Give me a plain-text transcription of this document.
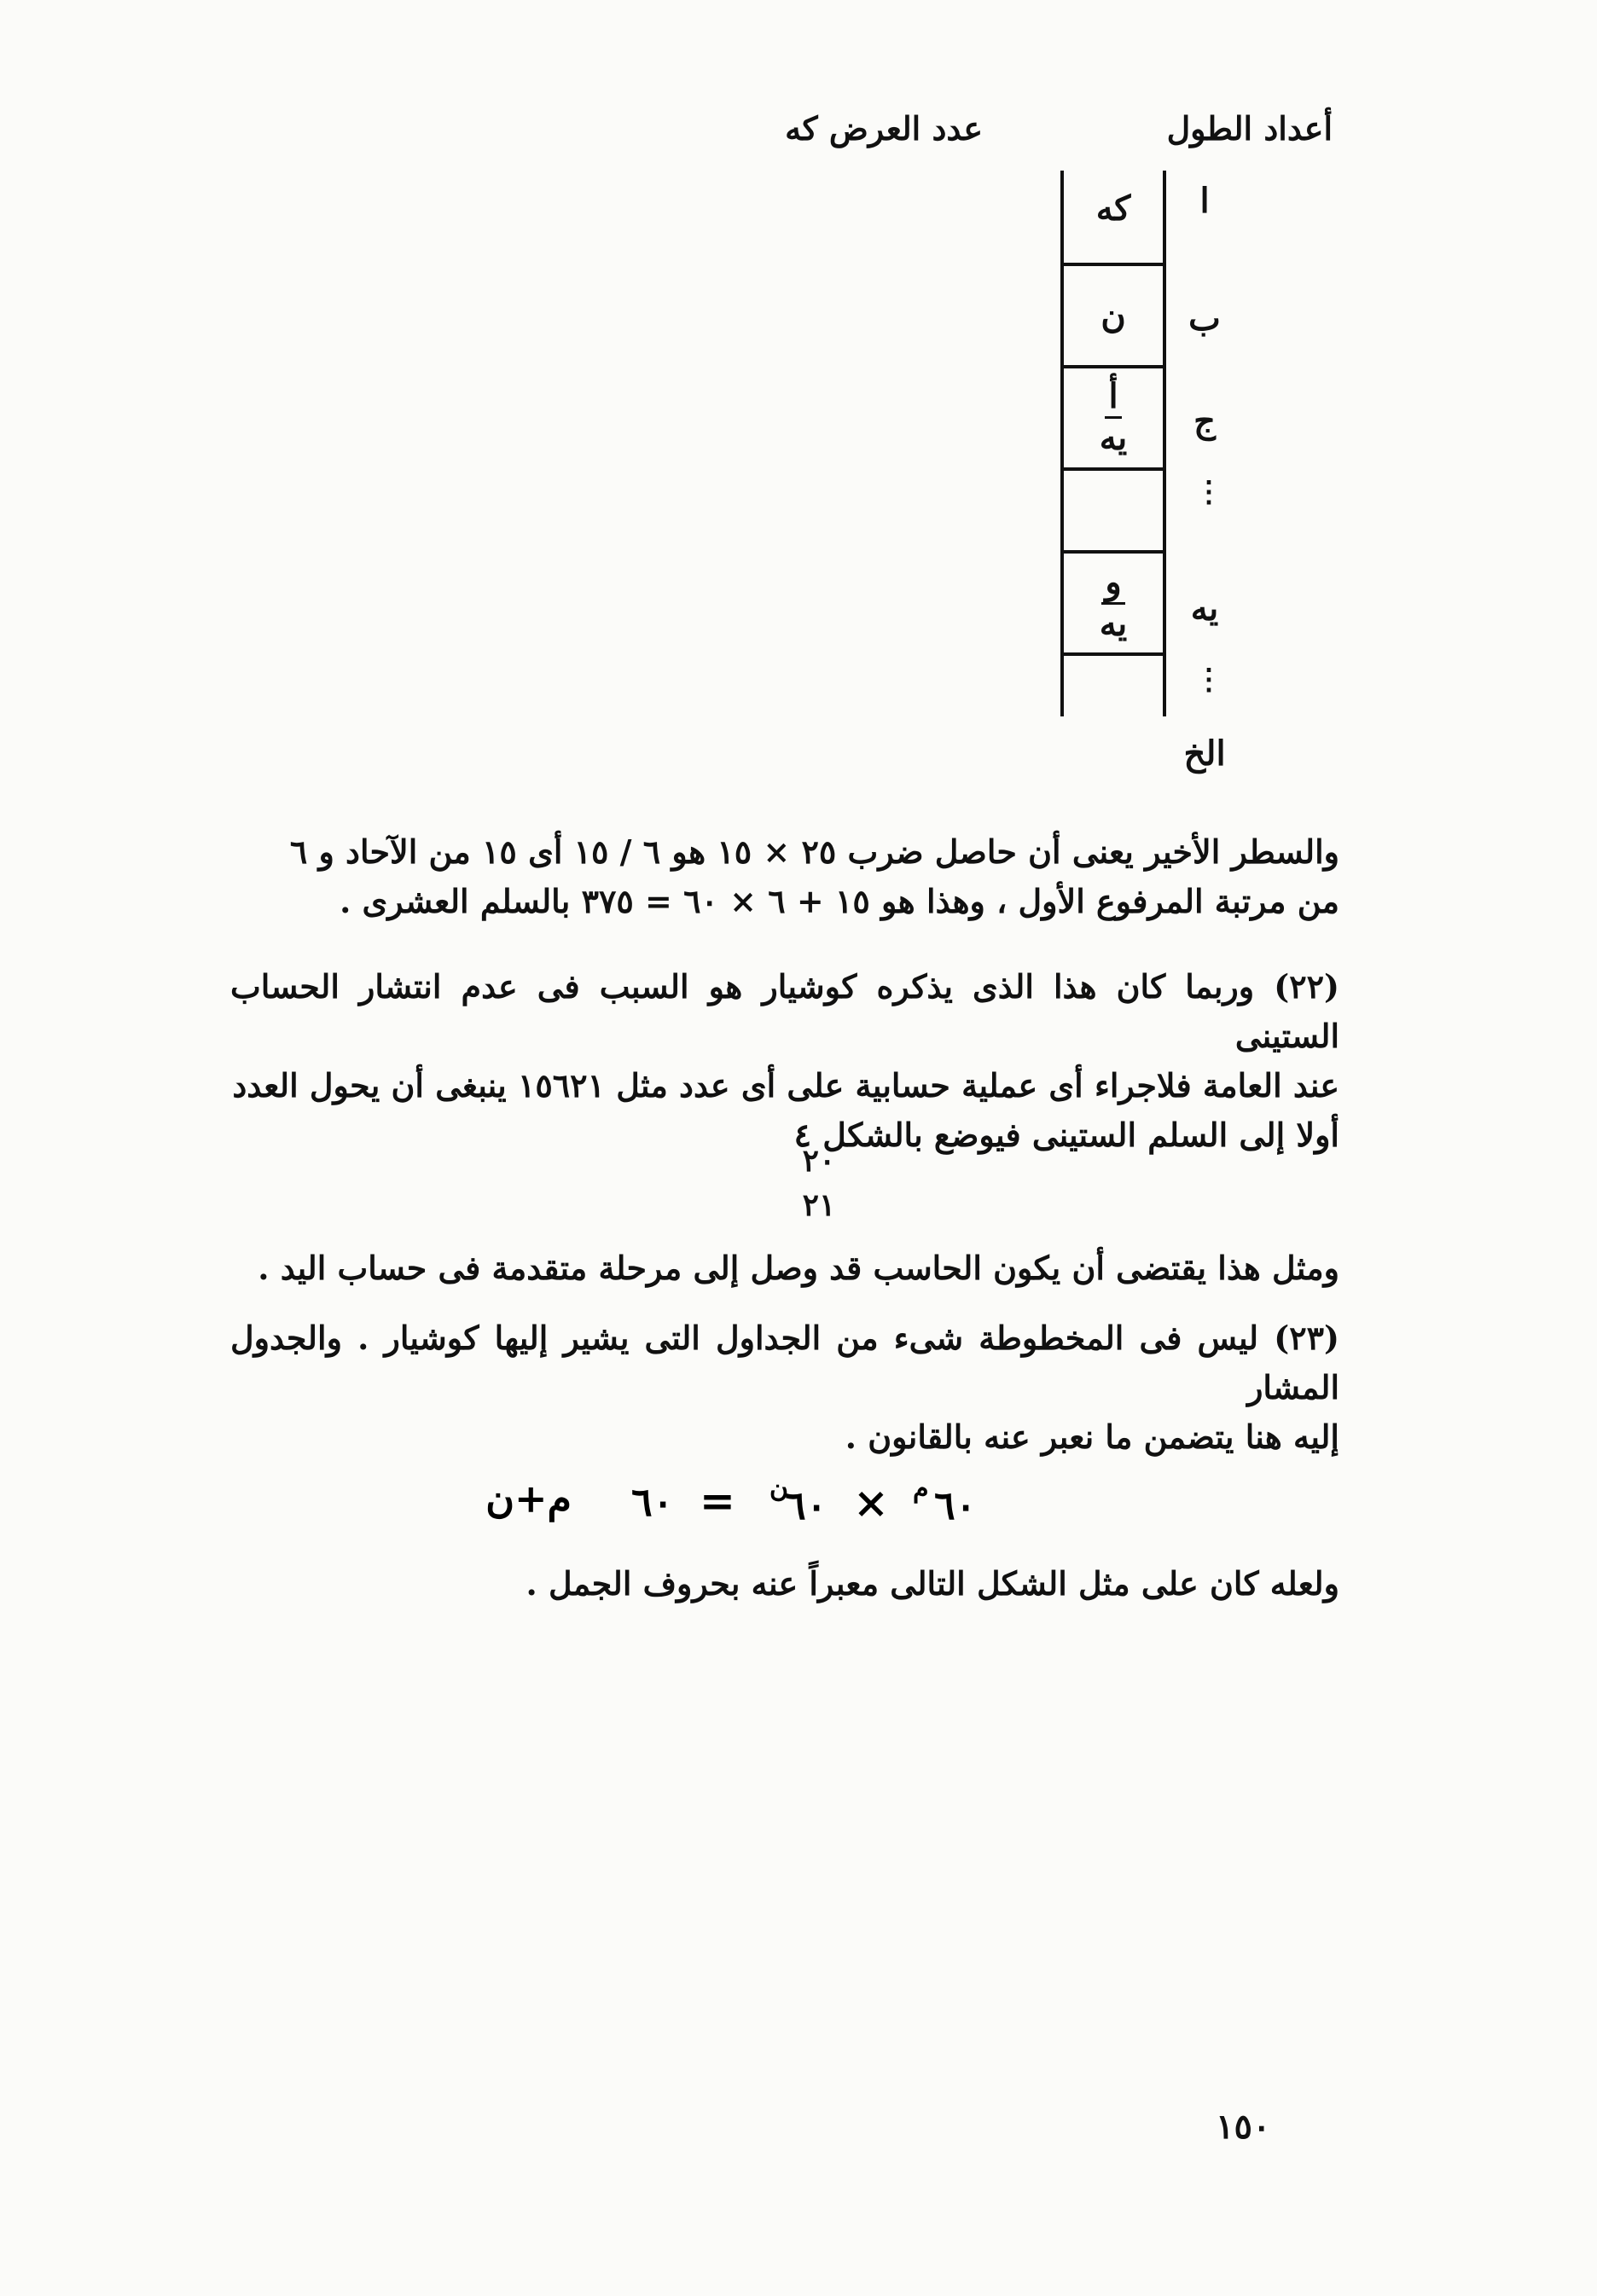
أعداد الطول
عدد العرض كه
ا
ب
ج
⋮
يه
⋮
الخ
كه
ن
أ
يه
و
يه
والسطر الأخير يعنى أن حاصل ضرب ٢٥ × ١٥ هو ٦ / ١٥ أى ١٥ من الآحاد و ٦
من مرتبة المرفوع الأول ، وهذا هو ١٥ + ٦ × ٦٠ = ٣٧٥ بالسلم العشرى .
(٢٢) وربما كان هذا الذى يذكره كوشيار هو السبب فى عدم انتشار الحساب الستينى
عند العامة فلاجراء أى عملية حسابية على أى عدد مثل ١٥٦٢١ ينبغى أن يحول العدد
أولا إلى السلم الستينى فيوضع بالشكل ٤
٢٠
٢١
ومثل هذا يقتضى أن يكون الحاسب قد وصل إلى مرحلة متقدمة فى حساب اليد .
(٢٣) ليس فى المخطوطة شىء من الجداول التى يشير إليها كوشيار . والجدول المشار
إليه هنا يتضمن ما نعبر عنه بالقانون .
م+ن ٦٠ = ن
٦٠ × م ٦٠
ولعله كان على مثل الشكل التالى معبراً عنه بحروف الجمل .
١٥٠
